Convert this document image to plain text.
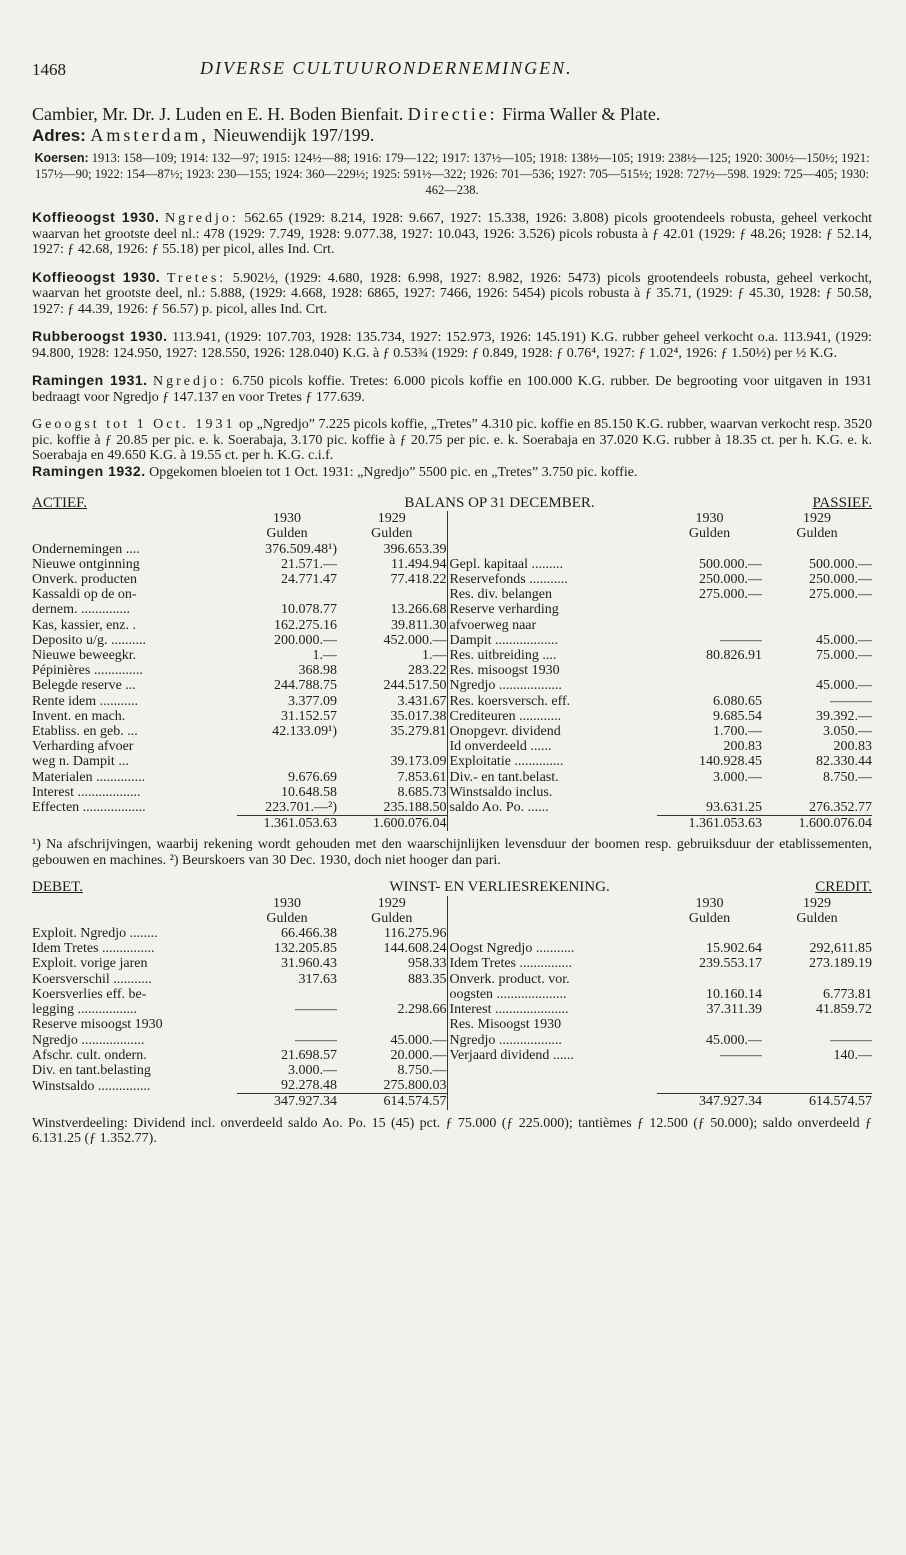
1468	DIVERSE CULTUURONDERNEMINGEN.

Cambier, Mr. Dr. J. Luden en E. H. Boden Bienfait. Directie: Firma Waller & Plate.

Adres: Amsterdam, Nieuwendijk 197/199.

Koersen: 1913: 158—109; 1914: 132—97; 1915: 124½—88; 1916: 179—122; 1917: 137½—105; 1918: 138½—105; 1919: 238½—125; 1920: 300½—150½; 1921: 157½—90; 1922: 154—87½; 1923: 230—155; 1924: 360—229½; 1925: 591½—322; 1926: 701—536; 1927: 705—515½; 1928: 727½—598. 1929: 725—405; 1930: 462—238.

Koffieoogst 1930. Ngredjo: 562.65 (1929: 8.214, 1928: 9.667, 1927: 15.338, 1926: 3.808) picols grootendeels robusta, geheel verkocht waarvan het grootste deel nl.: 478 (1929: 7.749, 1928: 9.077.38, 1927: 10.043, 1926: 3.526) picols robusta à ƒ 42.01 (1929: ƒ 48.26; 1928: ƒ 52.14, 1927: ƒ 42.68, 1926: ƒ 55.18) per picol, alles Ind. Crt.

Koffieoogst 1930. Tretes: 5.902½, (1929: 4.680, 1928: 6.998, 1927: 8.982, 1926: 5473) picols grootendeels robusta, geheel verkocht, waarvan het grootste deel, nl.: 5.888, (1929: 4.668, 1928: 6865, 1927: 7466, 1926: 5454) picols robusta à ƒ 35.71, (1929: ƒ 45.30, 1928: ƒ 50.58, 1927: ƒ 44.39, 1926: ƒ 56.57) p. picol, alles Ind. Crt.

Rubberoogst 1930. 113.941, (1929: 107.703, 1928: 135.734, 1927: 152.973, 1926: 145.191) K.G. rubber geheel verkocht o.a. 113.941, (1929: 94.800, 1928: 124.950, 1927: 128.550, 1926: 128.040) K.G. à ƒ 0.53¾ (1929: ƒ 0.849, 1928: ƒ 0.76⁴, 1927: ƒ 1.02⁴, 1926: ƒ 1.50½) per ½ K.G.

Ramingen 1931. Ngredjo: 6.750 picols koffie. Tretes: 6.000 picols koffie en 100.000 K.G. rubber. De begrooting voor uitgaven in 1931 bedraagt voor Ngredjo ƒ 147.137 en voor Tretes ƒ 177.639.

Geoogst tot 1 Oct. 1931 op „Ngredjo” 7.225 picols koffie, „Tretes” 4.310 pic. koffie en 85.150 K.G. rubber, waarvan verkocht resp. 3520 pic. koffie à ƒ 20.85 per pic. e. k. Soerabaja, 3.170 pic. koffie à ƒ 20.75 per pic. e. k. Soerabaja en 37.020 K.G. rubber à 18.35 ct. per h. K.G. e. k. Soerabaja en 49.650 K.G. à 19.55 ct. per h. K.G. c.i.f.

Ramingen 1932. Opgekomen bloeien tot 1 Oct. 1931: „Ngredjo” 5500 pic. en „Tretes” 3.750 pic. koffie.

ACTIEF.	BALANS OP 31 DECEMBER.				PASSIEF.
	1930	1929		1930	1929
	Gulden	Gulden		Gulden	Gulden
Ondernemingen ....	376.509.48¹)	396.653.39			
Nieuwe ontginning	21.571.—	11.494.94	Gepl. kapitaal .........	500.000.—	500.000.—
Onverk. producten	24.771.47	77.418.22	Reservefonds ...........	250.000.—	250.000.—
Kassaldi op de on-			Res. div. belangen	275.000.—	275.000.—
dernem. ..............	10.078.77	13.266.68	Reserve verharding		
Kas, kassier, enz. .	162.275.16	39.811.30	afvoerweg naar		
Deposito u/g. ..........	200.000.—	452.000.—	Dampit ..................	———	45.000.—
Nieuwe beweegkr.	1.—	1.—	Res. uitbreiding ....	80.826.91	75.000.—
Pépinières ..............	368.98	283.22	Res. misoogst 1930		
Belegde reserve ...	244.788.75	244.517.50	Ngredjo ..................		45.000.—
Rente idem ...........	3.377.09	3.431.67	Res. koersversch. eff.	6.080.65	———
Invent. en mach.	31.152.57	35.017.38	Crediteuren ............	9.685.54	39.392.—
Etabliss. en geb. ...	42.133.09¹)	35.279.81	Onopgevr. dividend	1.700.—	3.050.—
Verharding afvoer			Id onverdeeld ......	200.83	200.83
weg n. Dampit ...		39.173.09	Exploitatie ..............	140.928.45	82.330.44
Materialen ..............	9.676.69	7.853.61	Div.- en tant.belast.	3.000.—	8.750.—
Interest ..................	10.648.58	8.685.73	Winstsaldo inclus.		
Effecten ..................	223.701.—²)	235.188.50	saldo Ao. Po. ......	93.631.25	276.352.77

	1.361.053.63	1.600.076.04		1.361.053.63	1.600.076.04

¹) Na afschrijvingen, waarbij rekening wordt gehouden met den waarschijnlijken levensduur der boomen resp. gebruiksduur der etablissementen, gebouwen en machines. ²) Beurskoers van 30 Dec. 1930, doch niet hooger dan pari.

DEBET.	WINST- EN VERLIESREKENING.				CREDIT.
	1930	1929		1930	1929
	Gulden	Gulden		Gulden	Gulden
Exploit. Ngredjo ........	66.466.38	116.275.96			
Idem Tretes ...............	132.205.85	144.608.24	Oogst Ngredjo ...........	15.902.64	292,611.85
Exploit. vorige jaren	31.960.43	958.33	Idem Tretes ...............	239.553.17	273.189.19
Koersverschil ...........	317.63	883.35	Onverk. product. vor.		
Koersverlies eff. be-			oogsten ....................	10.160.14	6.773.81
legging .................	———	2.298.66	Interest .....................	37.311.39	41.859.72
Reserve misoogst 1930			Res. Misoogst 1930		
Ngredjo ..................	———	45.000.—	Ngredjo ..................	45.000.—	———
Afschr. cult. ondern.	21.698.57	20.000.—	Verjaard dividend ......	———	140.—
Div. en tant.belasting	3.000.—	8.750.—			
Winstsaldo ...............	92.278.48	275.800.03			
	347.927.34	614.574.57		347.927.34	614.574.57

Winstverdeeling: Dividend incl. onverdeeld saldo Ao. Po. 15 (45) pct. ƒ 75.000 (ƒ 225.000); tantièmes ƒ 12.500 (ƒ 50.000); saldo onverdeeld ƒ 6.131.25 (ƒ 1.352.77).
